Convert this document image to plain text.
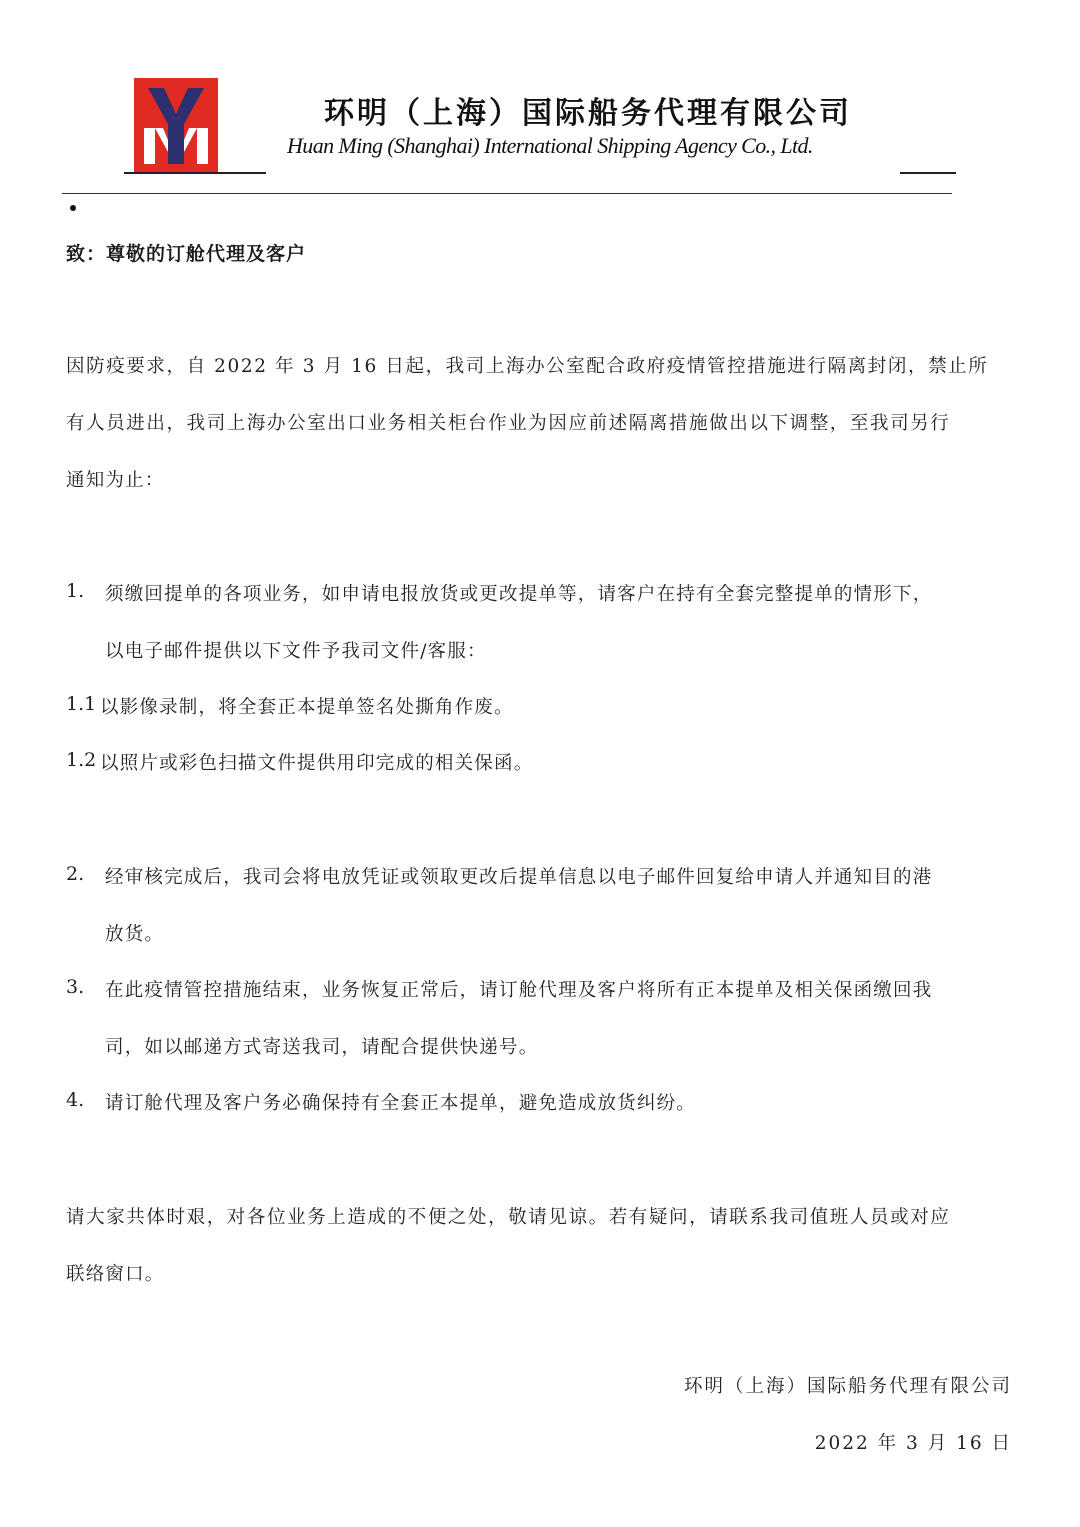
环明（上海）国际船务代理有限公司
Huan Ming (Shanghai) International Shipping Agency Co., Ltd.
致：尊敬的订舱代理及客户
因防疫要求，自 2022 年 3 月 16 日起，我司上海办公室配合政府疫情管控措施进行隔离封闭，禁止所
有人员进出，我司上海办公室出口业务相关柜台作业为因应前述隔离措施做出以下调整，至我司另行
通知为止：
1. 须缴回提单的各项业务，如申请电报放货或更改提单等，请客户在持有全套完整提单的情形下，
以电子邮件提供以下文件予我司文件/客服：
1.1 以影像录制，将全套正本提单签名处撕角作废。
1.2 以照片或彩色扫描文件提供用印完成的相关保函。
2. 经审核完成后，我司会将电放凭证或领取更改后提单信息以电子邮件回复给申请人并通知目的港
放货。
3. 在此疫情管控措施结束，业务恢复正常后，请订舱代理及客户将所有正本提单及相关保函缴回我
司，如以邮递方式寄送我司，请配合提供快递号。
4. 请订舱代理及客户务必确保持有全套正本提单，避免造成放货纠纷。
请大家共体时艰，对各位业务上造成的不便之处，敬请见谅。若有疑问，请联系我司值班人员或对应
联络窗口。
环明（上海）国际船务代理有限公司
2022 年 3 月 16 日
